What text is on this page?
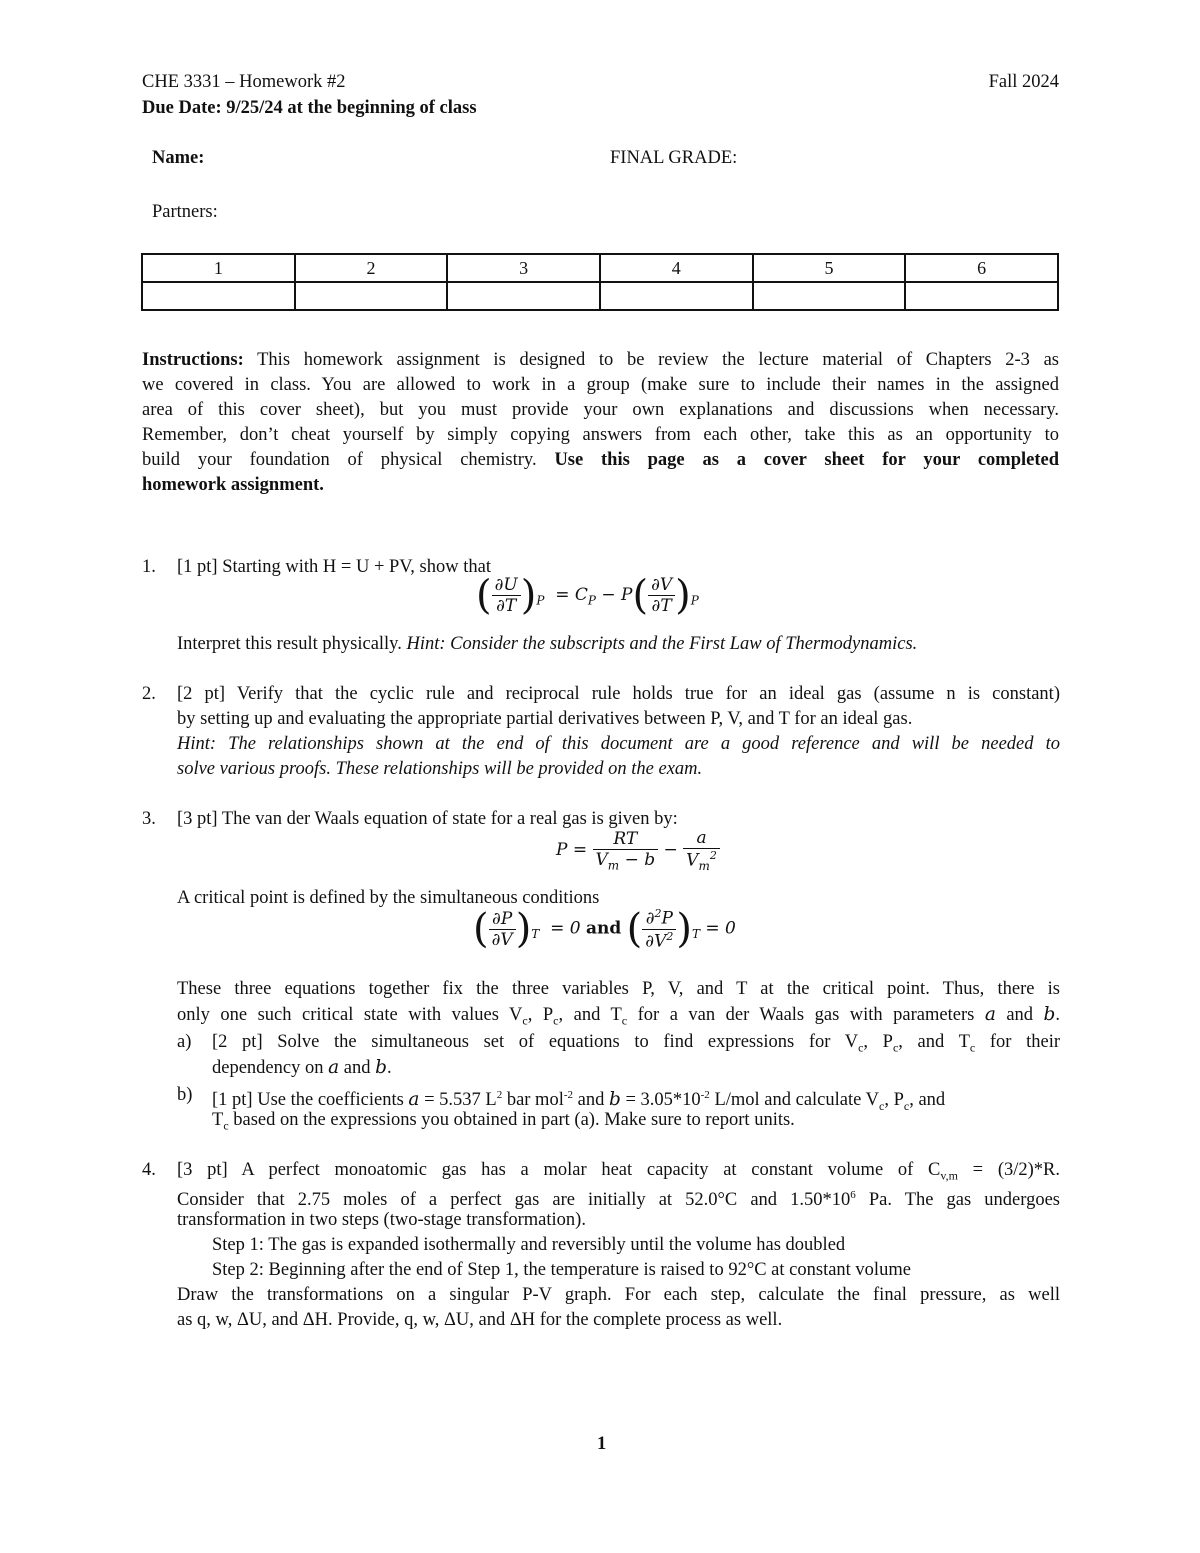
CHE 3331 – Homework #2	Fall 2024
Due Date: 9/25/24 at the beginning of class
Name:	FINAL GRADE:
Partners:
1	2	3	4	5	6

Instructions: This homework assignment is designed to be review the lecture material of Chapters 2-3 as
we covered in class. You are allowed to work in a group (make sure to include their names in the assigned
area of this cover sheet), but you must provide your own explanations and discussions when necessary.
Remember, don’t cheat yourself by simply copying answers from each other, take this as an opportunity to
build your foundation of physical chemistry. Use this page as a cover sheet for your completed
homework assignment.
1. [1 pt] Starting with H = U + PV, show that
( $\frac{\partial U}{\partial T} )_P = C_P - P( \frac{\partial V}{\partial T} )_P$
Interpret this result physically. Hint: Consider the subscripts and the First Law of Thermodynamics.
2. [2 pt] Verify that the cyclic rule and reciprocal rule holds true for an ideal gas (assume n is constant)
by setting up and evaluating the appropriate partial derivatives between P, V, and T for an ideal gas.
Hint: The relationships shown at the end of this document are a good reference and will be needed to
solve various proofs. These relationships will be provided on the exam.
3. [3 pt] The van der Waals equation of state for a real gas is given by:
$P = \frac{RT}{V_m - b} - \frac{a}{V_m^2}$
A critical point is defined by the simultaneous conditions
( $\frac{\partial P}{\partial V} )_T = 0$ and ( $\frac{\partial^2P}{\partial V^2} )_T = 0$
These three equations together fix the three variables P, V, and T at the critical point. Thus, there is
only one such critical state with values $V_c$, $P_c$, and $T_c$ for a van der Waals gas with parameters a and b.
a) [2 pt] Solve the simultaneous set of equations to find expressions for $V_c$, $P_c$, and $T_c$ for their
dependency on a and b.
b) [1 pt] Use the coefficients a = 5.537 $L^2$ bar mol$^{-2}$ and $b = 3.05*10^{-2}$ L/mol and calculate $V_c$, $P_c$, and
$T_c$ based on the expressions you obtained in part (a). Make sure to report units.
4. [3 pt] A perfect monoatomic gas has a molar heat capacity at constant volume of $C_{v,m} = (3/2)*R$.
Consider that 2.75 moles of a perfect gas are initially at 52.0°C and $1.50*10^6$ Pa. The gas undergoes
transformation in two steps (two-stage transformation).
Step 1: The gas is expanded isothermally and reversibly until the volume has doubled
Step 2: Beginning after the end of Step 1, the temperature is raised to 92°C at constant volume
Draw the transformations on a singular P-V graph. For each step, calculate the final pressure, as well
as q, w, ΔU, and ΔH. Provide, q, w, ΔU, and ΔH for the complete process as well.
1
